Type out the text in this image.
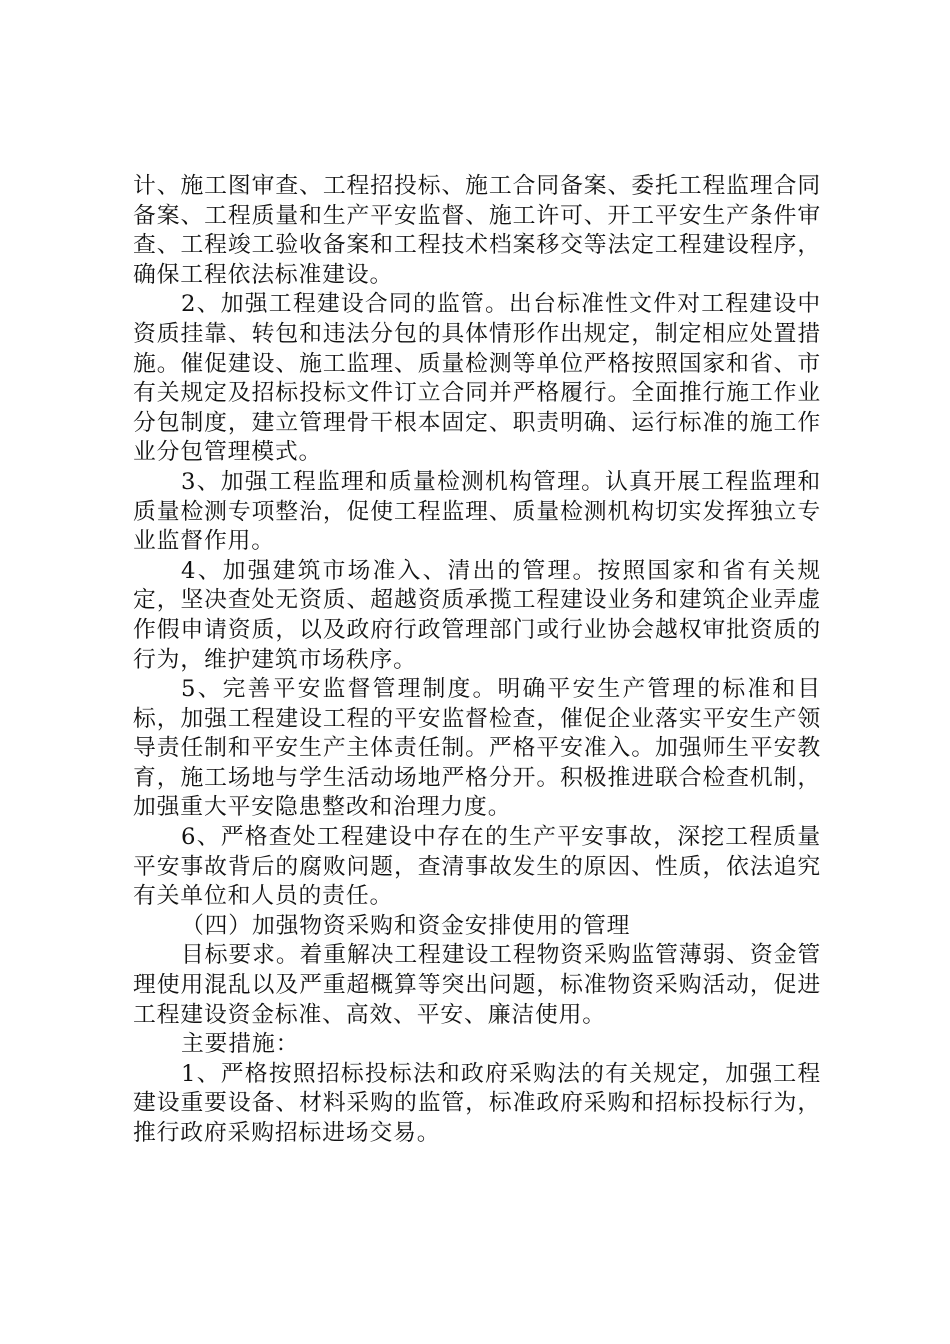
计、施工图审查、工程招投标、施工合同备案、委托工程监理合同备案、工程质量和生产平安监督、施工许可、开工平安生产条件审查、工程竣工验收备案和工程技术档案移交等法定工程建设程序，确保工程依法标准建设。

2、加强工程建设合同的监管。出台标准性文件对工程建设中资质挂靠、转包和违法分包的具体情形作出规定，制定相应处置措施。催促建设、施工监理、质量检测等单位严格按照国家和省、市有关规定及招标投标文件订立合同并严格履行。全面推行施工作业分包制度，建立管理骨干根本固定、职责明确、运行标准的施工作业分包管理模式。

3、加强工程监理和质量检测机构管理。认真开展工程监理和质量检测专项整治，促使工程监理、质量检测机构切实发挥独立专业监督作用。

4、加强建筑市场准入、清出的管理。按照国家和省有关规定，坚决查处无资质、超越资质承揽工程建设业务和建筑企业弄虚作假申请资质，以及政府行政管理部门或行业协会越权审批资质的行为，维护建筑市场秩序。

5、完善平安监督管理制度。明确平安生产管理的标准和目标，加强工程建设工程的平安监督检查，催促企业落实平安生产领导责任制和平安生产主体责任制。严格平安准入。加强师生平安教育，施工场地与学生活动场地严格分开。积极推进联合检查机制，加强重大平安隐患整改和治理力度。

6、严格查处工程建设中存在的生产平安事故，深挖工程质量平安事故背后的腐败问题，查清事故发生的原因、性质，依法追究有关单位和人员的责任。

（四）加强物资采购和资金安排使用的管理

目标要求。着重解决工程建设工程物资采购监管薄弱、资金管理使用混乱以及严重超概算等突出问题，标准物资采购活动，促进工程建设资金标准、高效、平安、廉洁使用。

主要措施：

1、严格按照招标投标法和政府采购法的有关规定，加强工程建设重要设备、材料采购的监管，标准政府采购和招标投标行为，推行政府采购招标进场交易。
